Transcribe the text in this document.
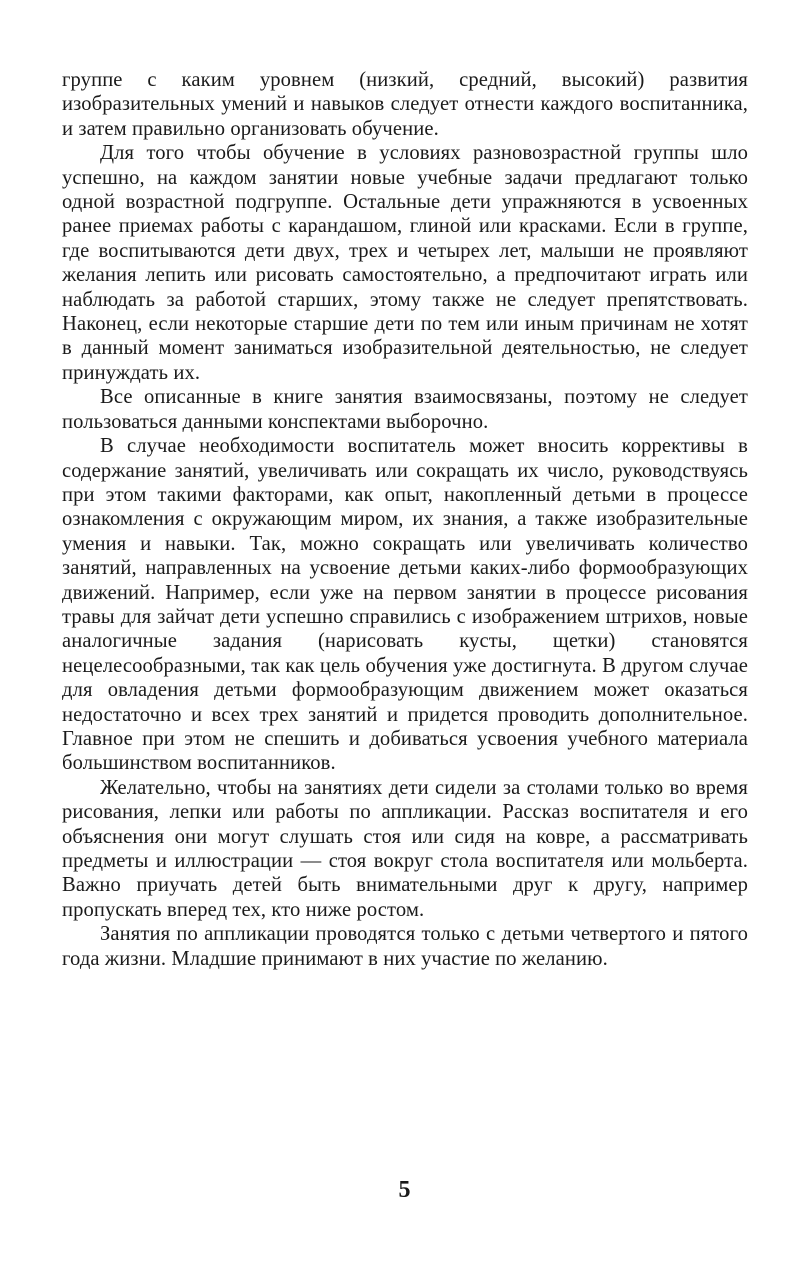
группе с каким уровнем (низкий, средний, высокий) развития изобразительных умений и навыков следует отнести каждого воспитанника, и затем правильно организовать обучение.

Для того чтобы обучение в условиях разновозрастной группы шло успешно, на каждом занятии новые учебные задачи предлагают только одной возрастной подгруппе. Остальные дети упражняются в усвоенных ранее приемах работы с карандашом, глиной или красками. Если в группе, где воспитываются дети двух, трех и четырех лет, малыши не проявляют желания лепить или рисовать самостоятельно, а предпочитают играть или наблюдать за работой старших, этому также не следует препятствовать. Наконец, если некоторые старшие дети по тем или иным причинам не хотят в данный момент заниматься изобразительной деятельностью, не следует принуждать их.

Все описанные в книге занятия взаимосвязаны, поэтому не следует пользоваться данными конспектами выборочно.

В случае необходимости воспитатель может вносить коррективы в содержание занятий, увеличивать или сокращать их число, руководствуясь при этом такими факторами, как опыт, накопленный детьми в процессе ознакомления с окружающим миром, их знания, а также изобразительные умения и навыки. Так, можно сокращать или увеличивать количество занятий, направленных на усвоение детьми каких-либо формообразующих движений. Например, если уже на первом занятии в процессе рисования травы для зайчат дети успешно справились с изображением штрихов, новые аналогичные задания (нарисовать кусты, щетки) становятся нецелесообразными, так как цель обучения уже достигнута. В другом случае для овладения детьми формообразующим движением может оказаться недостаточно и всех трех занятий и придется проводить дополнительное. Главное при этом не спешить и добиваться усвоения учебного материала большинством воспитанников.

Желательно, чтобы на занятиях дети сидели за столами только во время рисования, лепки или работы по аппликации. Рассказ воспитателя и его объяснения они могут слушать стоя или сидя на ковре, а рассматривать предметы и иллюстрации — стоя вокруг стола воспитателя или мольберта. Важно приучать детей быть внимательными друг к другу, например пропускать вперед тех, кто ниже ростом.

Занятия по аппликации проводятся только с детьми четвертого и пятого года жизни. Младшие принимают в них участие по желанию.

5
